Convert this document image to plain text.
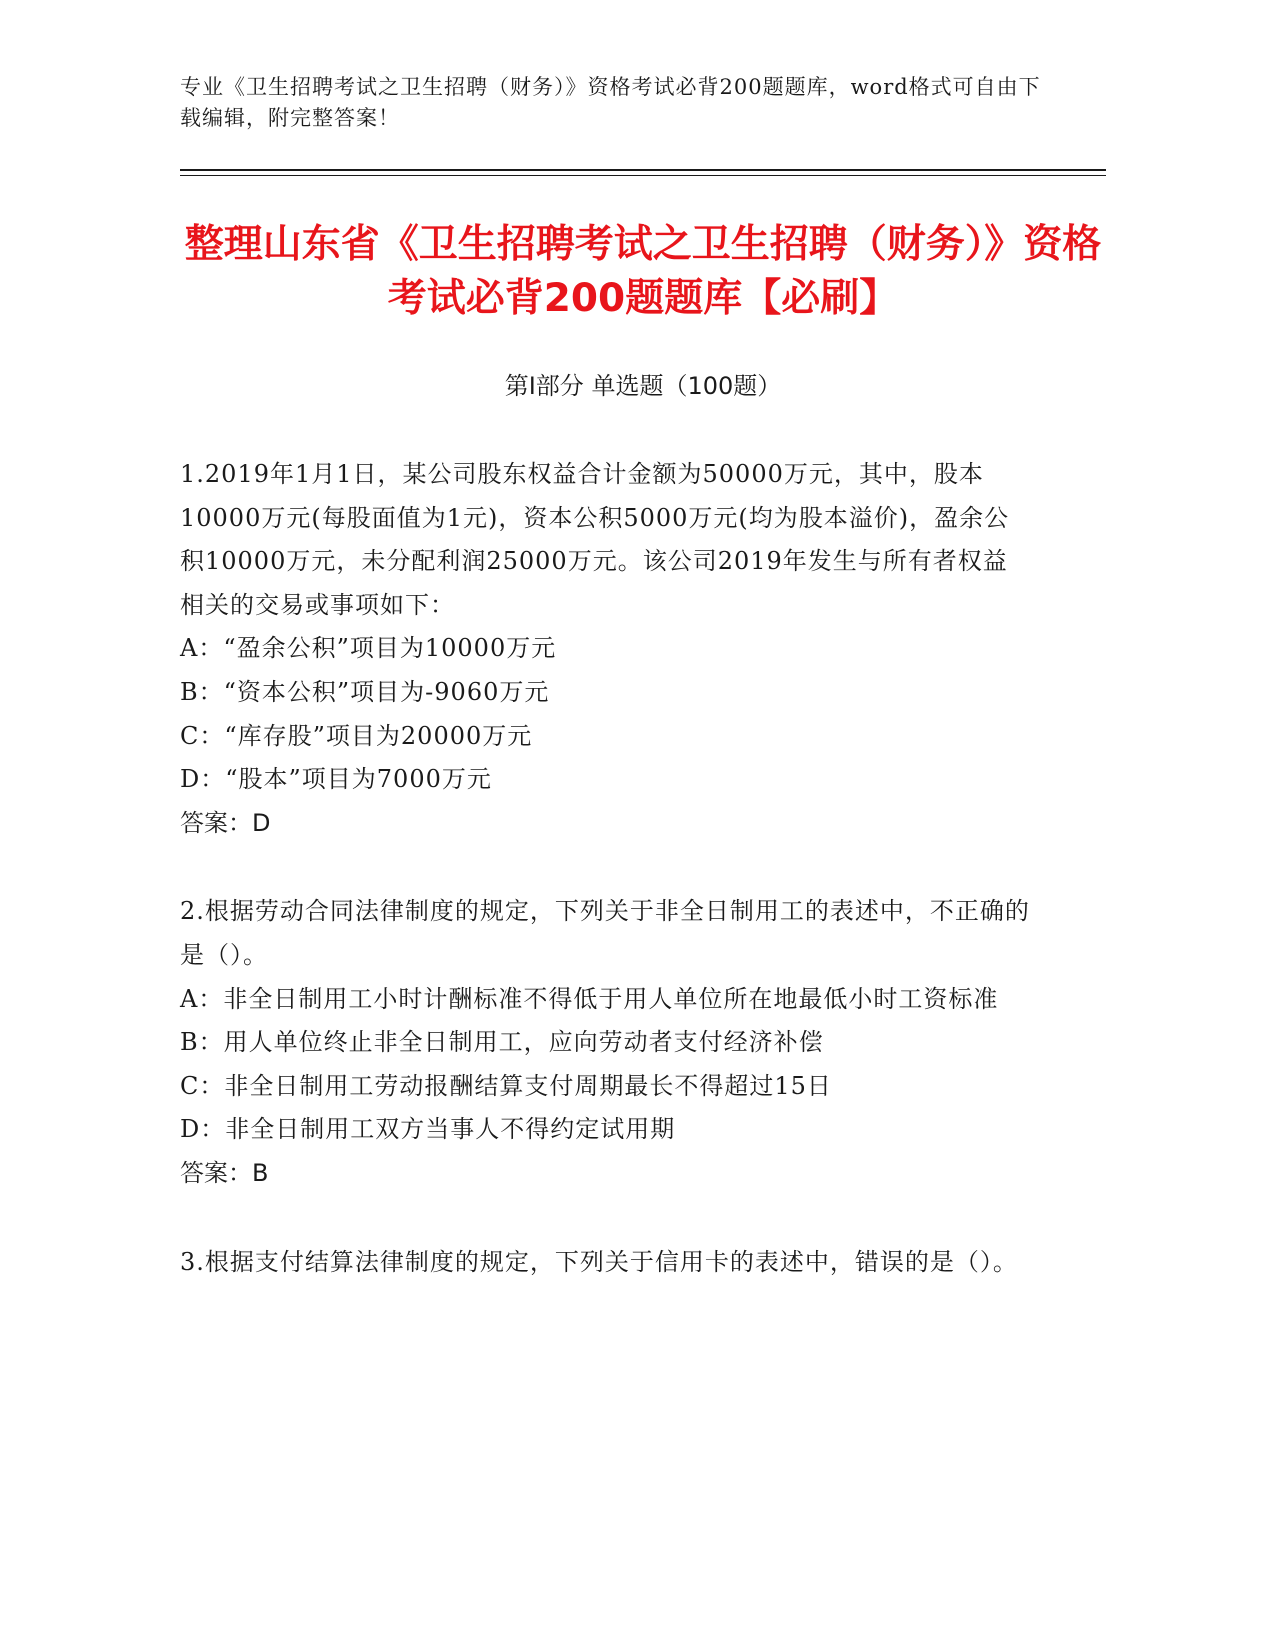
专业《卫生招聘考试之卫生招聘（财务）》资格考试必背200题题库，word格式可自由下载编辑，附完整答案！
整理山东省《卫生招聘考试之卫生招聘（财务）》资格考试必背200题题库【必刷】
第Ⅰ部分 单选题（100题）

1.2019年1月1日，某公司股东权益合计金额为50000万元，其中，股本10000万元(每股面值为1元)，资本公积5000万元(均为股本溢价)，盈余公积10000万元，未分配利润25000万元。该公司2019年发生与所有者权益相关的交易或事项如下：

A：“盈余公积”项目为10000万元

B：“资本公积”项目为-9060万元

C：“库存股”项目为20000万元

D：“股本”项目为7000万元

答案：D

2.根据劳动合同法律制度的规定，下列关于非全日制用工的表述中，不正确的是（）。

A：非全日制用工小时计酬标准不得低于用人单位所在地最低小时工资标准

B：用人单位终止非全日制用工，应向劳动者支付经济补偿

C：非全日制用工劳动报酬结算支付周期最长不得超过15日

D：非全日制用工双方当事人不得约定试用期

答案：B

3.根据支付结算法律制度的规定，下列关于信用卡的表述中，错误的是（）。
